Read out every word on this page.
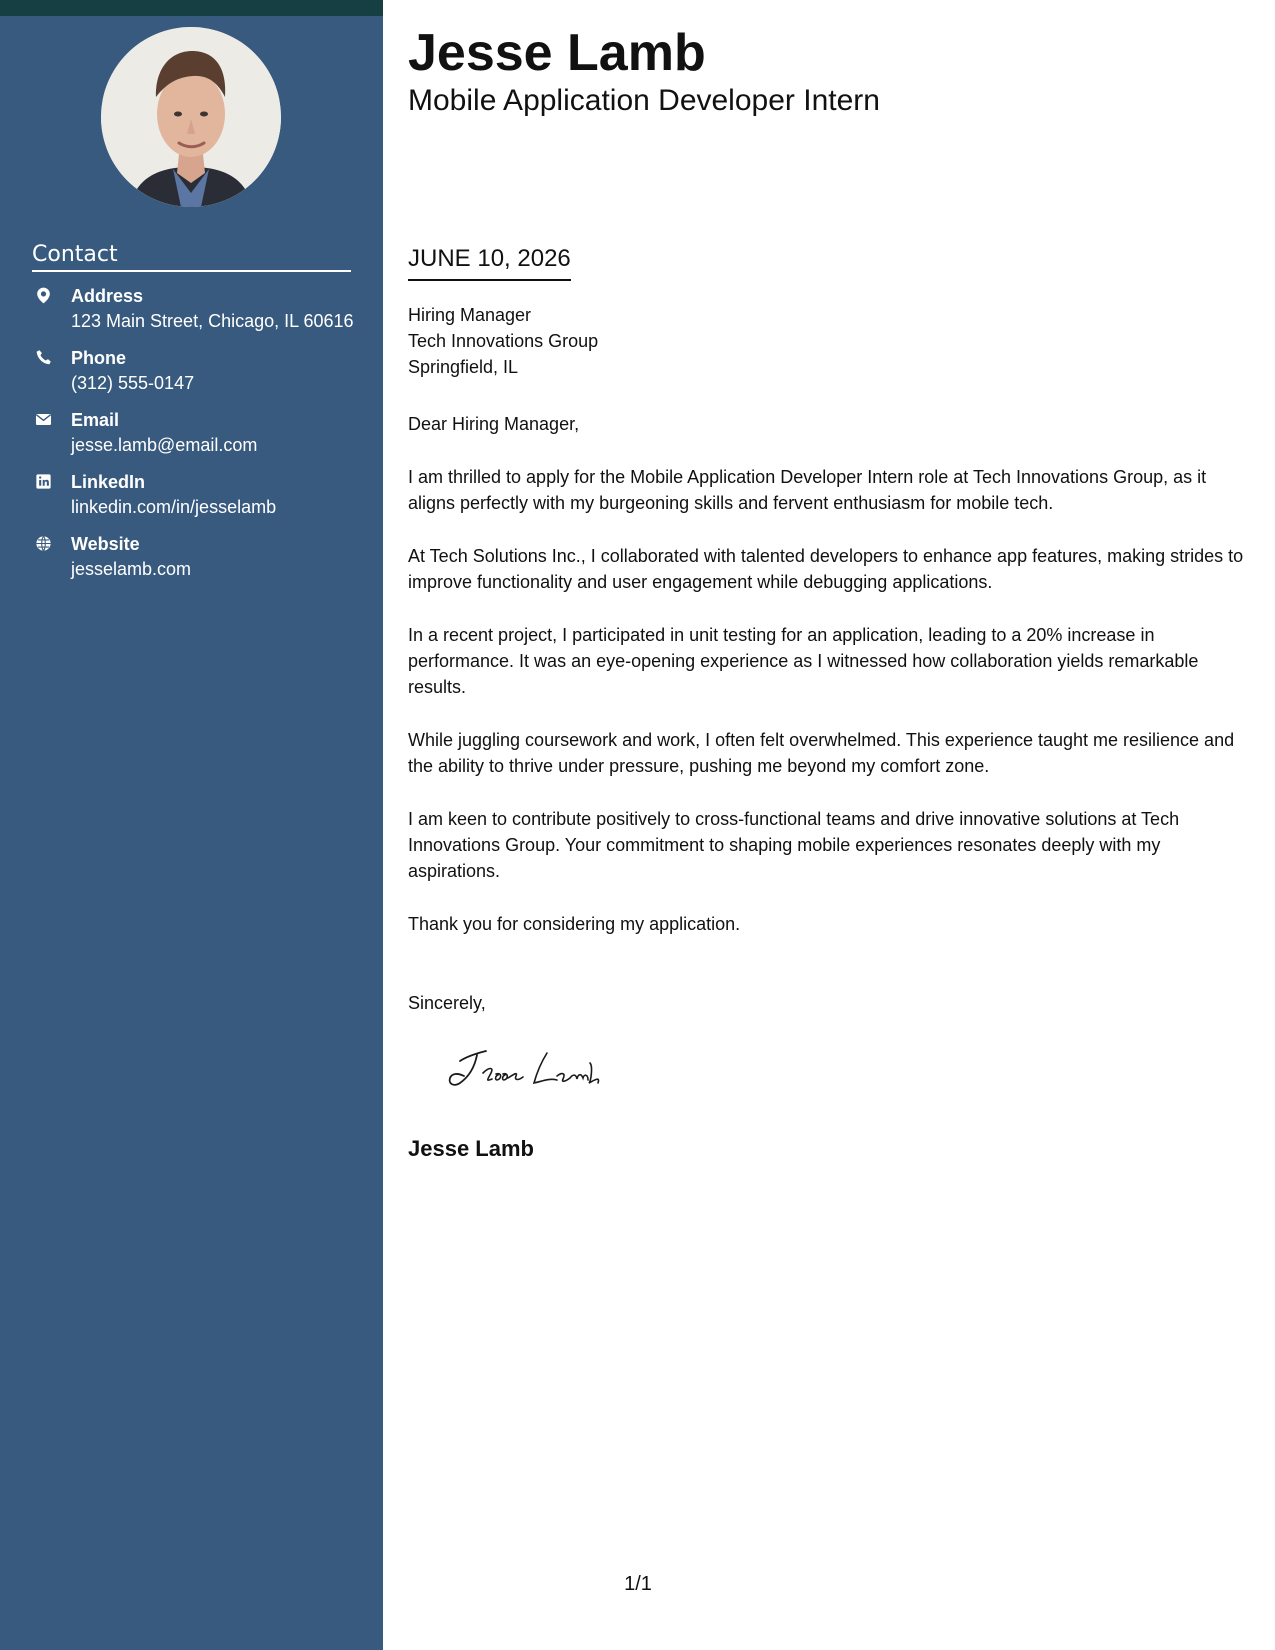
Contact
Address
123 Main Street, Chicago, IL 60616
Phone
(312) 555-0147
Email
jesse.lamb@email.com
LinkedIn
linkedin.com/in/jesselamb
Website
jesselamb.com
Jesse Lamb
Mobile Application Developer Intern
JUNE 10, 2026
Hiring Manager
Tech Innovations Group
Springfield, IL

Dear Hiring Manager,

I am thrilled to apply for the Mobile Application Developer Intern role at Tech Innovations Group, as it aligns perfectly with my burgeoning skills and fervent enthusiasm for mobile tech.

At Tech Solutions Inc., I collaborated with talented developers to enhance app features, making strides to improve functionality and user engagement while debugging applications.

In a recent project, I participated in unit testing for an application, leading to a 20% increase in performance. It was an eye-opening experience as I witnessed how collaboration yields remarkable results.

While juggling coursework and work, I often felt overwhelmed. This experience taught me resilience and the ability to thrive under pressure, pushing me beyond my comfort zone.

I am keen to contribute positively to cross-functional teams and drive innovative solutions at Tech Innovations Group. Your commitment to shaping mobile experiences resonates deeply with my aspirations.

Thank you for considering my application.

Sincerely,
Jesse Lamb
1/1
